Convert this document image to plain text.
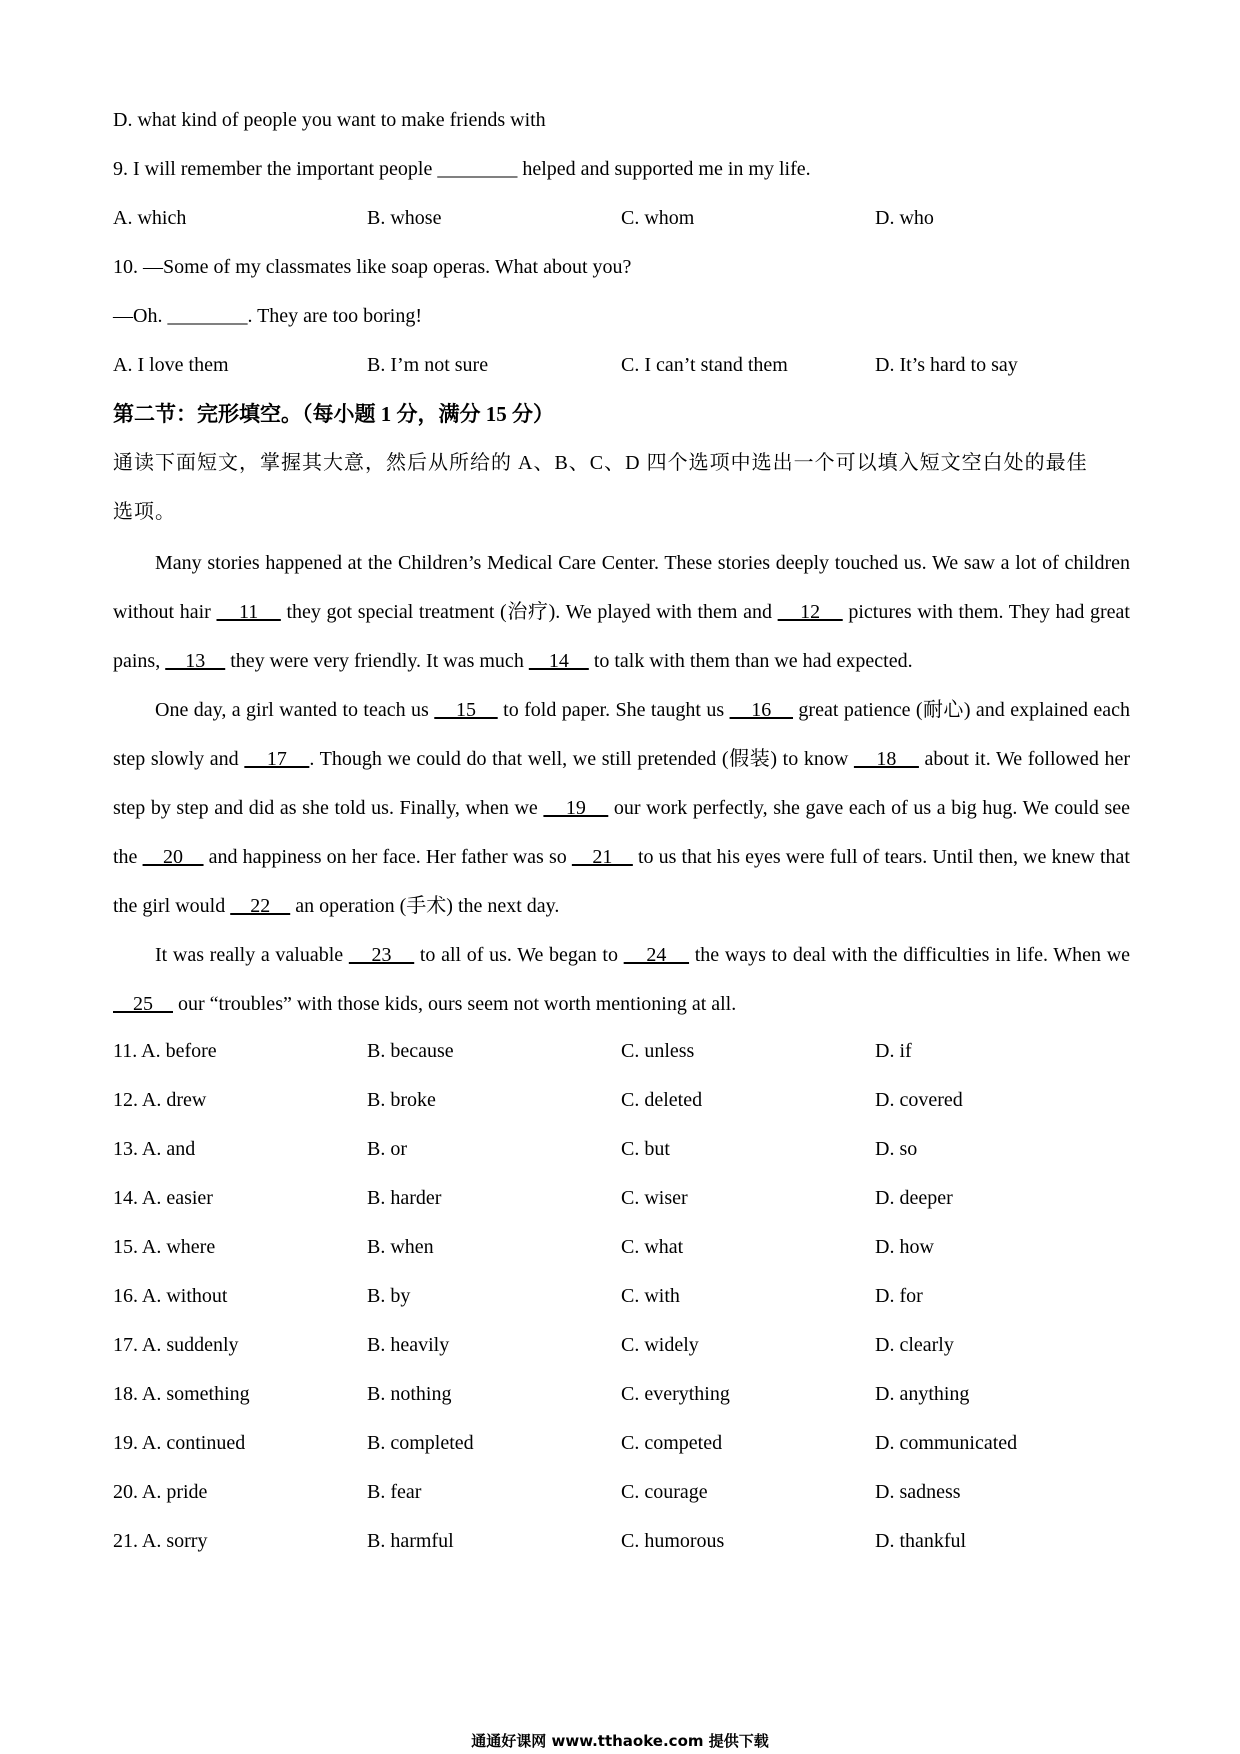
D. what kind of people you want to make friends with
9. I will remember the important people ________ helped and supported me in my life.
A. which	B. whose	C. whom	D. who
10. —Some of my classmates like soap operas. What about you?
—Oh. ________. They are too boring!
A. I love them	B. I’m not sure	C. I can’t stand them	D. It’s hard to say
第二节：完形填空。（每小题 1 分，满分 15 分）
通读下面短文，掌握其大意，然后从所给的 A、B、C、D 四个选项中选出一个可以填入短文空白处的最佳
选项。

Many stories happened at the Children’s Medical Care Center. These stories deeply touched us. We saw a lot of children without hair     11     they got special treatment (治疗). We played with them and     12     pictures with them. They had great pains,     13     they were very friendly. It was much     14     to talk with them than we had expected.

One day, a girl wanted to teach us     15     to fold paper. She taught us     16     great patience (耐心) and explained each step slowly and     17    . Though we could do that well, we still pretended (假装) to know     18     about it. We followed her step by step and did as she told us. Finally, when we     19     our work perfectly, she gave each of us a big hug. We could see the     20     and happiness on her face. Her father was so     21     to us that his eyes were full of tears. Until then, we knew that the girl would     22     an operation (手术) the next day.

It was really a valuable     23     to all of us. We began to     24     the ways to deal with the difficulties in life. When we     25     our “troubles” with those kids, ours seem not worth mentioning at all.

11. A. before	B. because	C. unless	D. if
12. A. drew	B. broke	C. deleted	D. covered
13. A. and	B. or	C. but	D. so
14. A. easier	B. harder	C. wiser	D. deeper
15. A. where	B. when	C. what	D. how
16. A. without	B. by	C. with	D. for
17. A. suddenly	B. heavily	C. widely	D. clearly
18. A. something	B. nothing	C. everything	D. anything
19. A. continued	B. completed	C. competed	D. communicated
20. A. pride	B. fear	C. courage	D. sadness
21. A. sorry	B. harmful	C. humorous	D. thankful
通通好课网 www.tthaoke.com 提供下载
